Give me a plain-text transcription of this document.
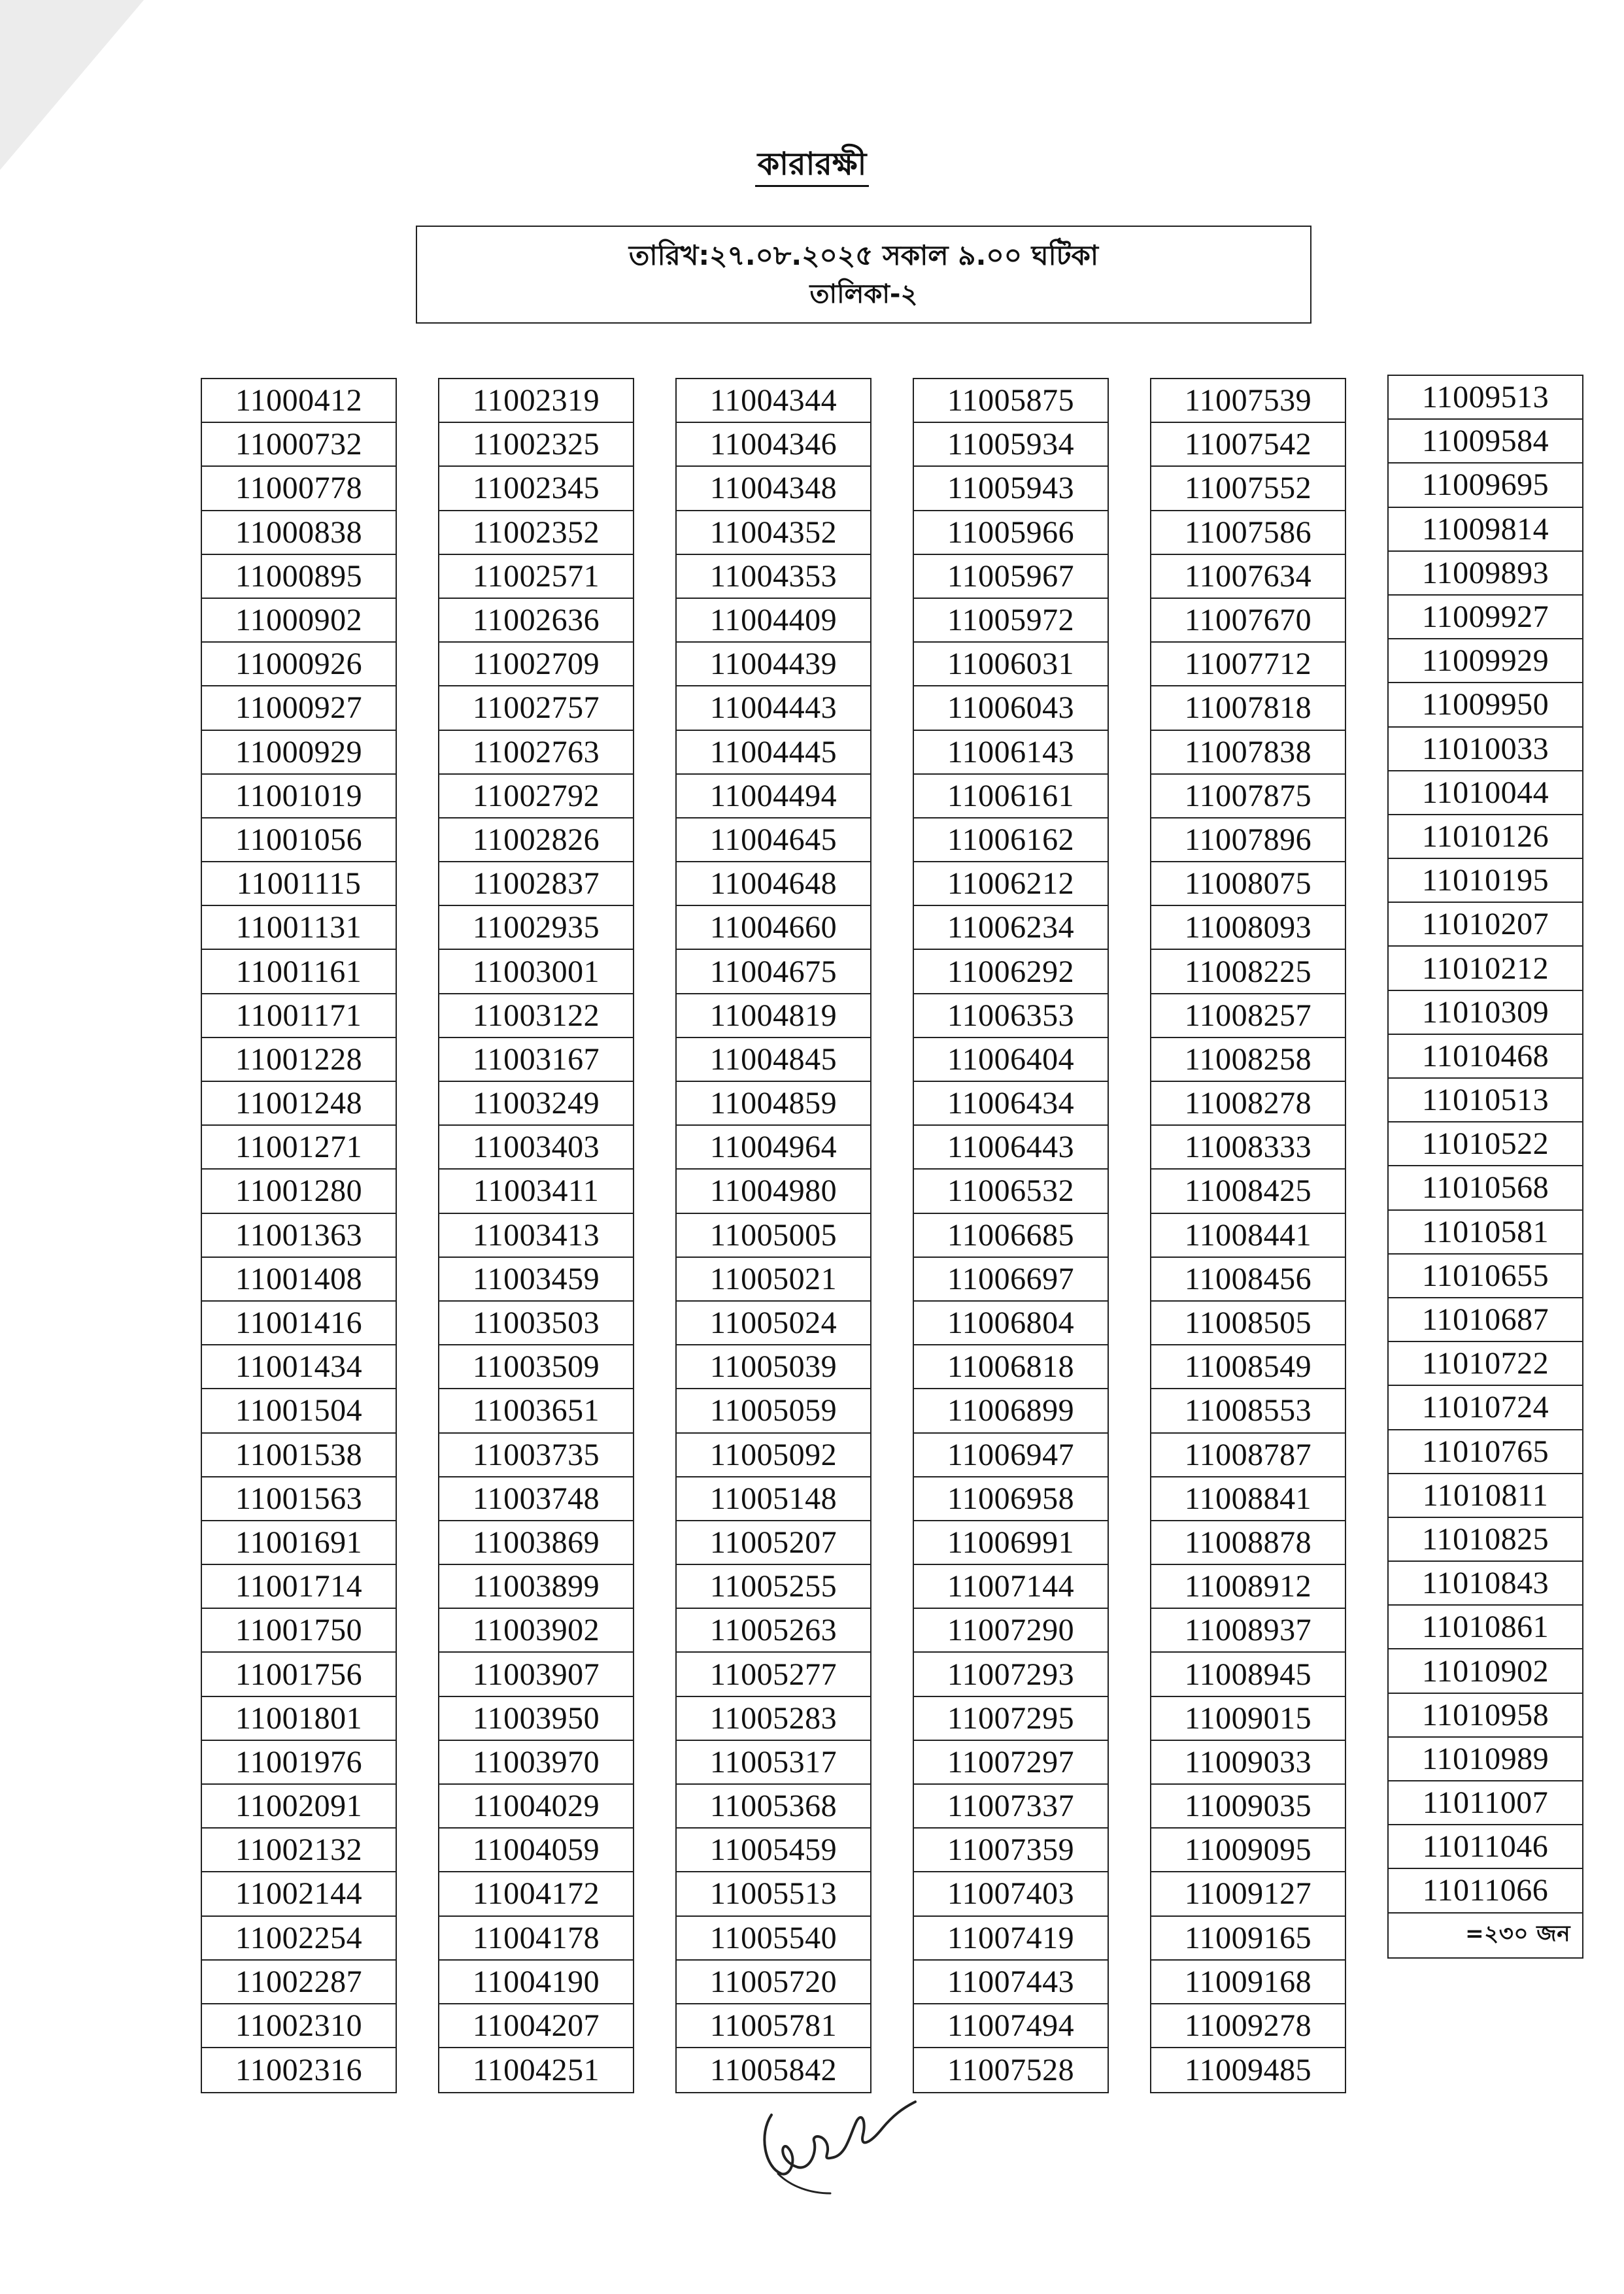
কারারক্ষী
তারিখ:২৭.০৮.২০২৫ সকাল ৯.০০ ঘটিকা
তালিকা-২
11000412
11000732
11000778
11000838
11000895
11000902
11000926
11000927
11000929
11001019
11001056
11001115
11001131
11001161
11001171
11001228
11001248
11001271
11001280
11001363
11001408
11001416
11001434
11001504
11001538
11001563
11001691
11001714
11001750
11001756
11001801
11001976
11002091
11002132
11002144
11002254
11002287
11002310
11002316
11002319
11002325
11002345
11002352
11002571
11002636
11002709
11002757
11002763
11002792
11002826
11002837
11002935
11003001
11003122
11003167
11003249
11003403
11003411
11003413
11003459
11003503
11003509
11003651
11003735
11003748
11003869
11003899
11003902
11003907
11003950
11003970
11004029
11004059
11004172
11004178
11004190
11004207
11004251
11004344
11004346
11004348
11004352
11004353
11004409
11004439
11004443
11004445
11004494
11004645
11004648
11004660
11004675
11004819
11004845
11004859
11004964
11004980
11005005
11005021
11005024
11005039
11005059
11005092
11005148
11005207
11005255
11005263
11005277
11005283
11005317
11005368
11005459
11005513
11005540
11005720
11005781
11005842
11005875
11005934
11005943
11005966
11005967
11005972
11006031
11006043
11006143
11006161
11006162
11006212
11006234
11006292
11006353
11006404
11006434
11006443
11006532
11006685
11006697
11006804
11006818
11006899
11006947
11006958
11006991
11007144
11007290
11007293
11007295
11007297
11007337
11007359
11007403
11007419
11007443
11007494
11007528
11007539
11007542
11007552
11007586
11007634
11007670
11007712
11007818
11007838
11007875
11007896
11008075
11008093
11008225
11008257
11008258
11008278
11008333
11008425
11008441
11008456
11008505
11008549
11008553
11008787
11008841
11008878
11008912
11008937
11008945
11009015
11009033
11009035
11009095
11009127
11009165
11009168
11009278
11009485
11009513
11009584
11009695
11009814
11009893
11009927
11009929
11009950
11010033
11010044
11010126
11010195
11010207
11010212
11010309
11010468
11010513
11010522
11010568
11010581
11010655
11010687
11010722
11010724
11010765
11010811
11010825
11010843
11010861
11010902
11010958
11010989
11011007
11011046
11011066
=২৩০ জন
